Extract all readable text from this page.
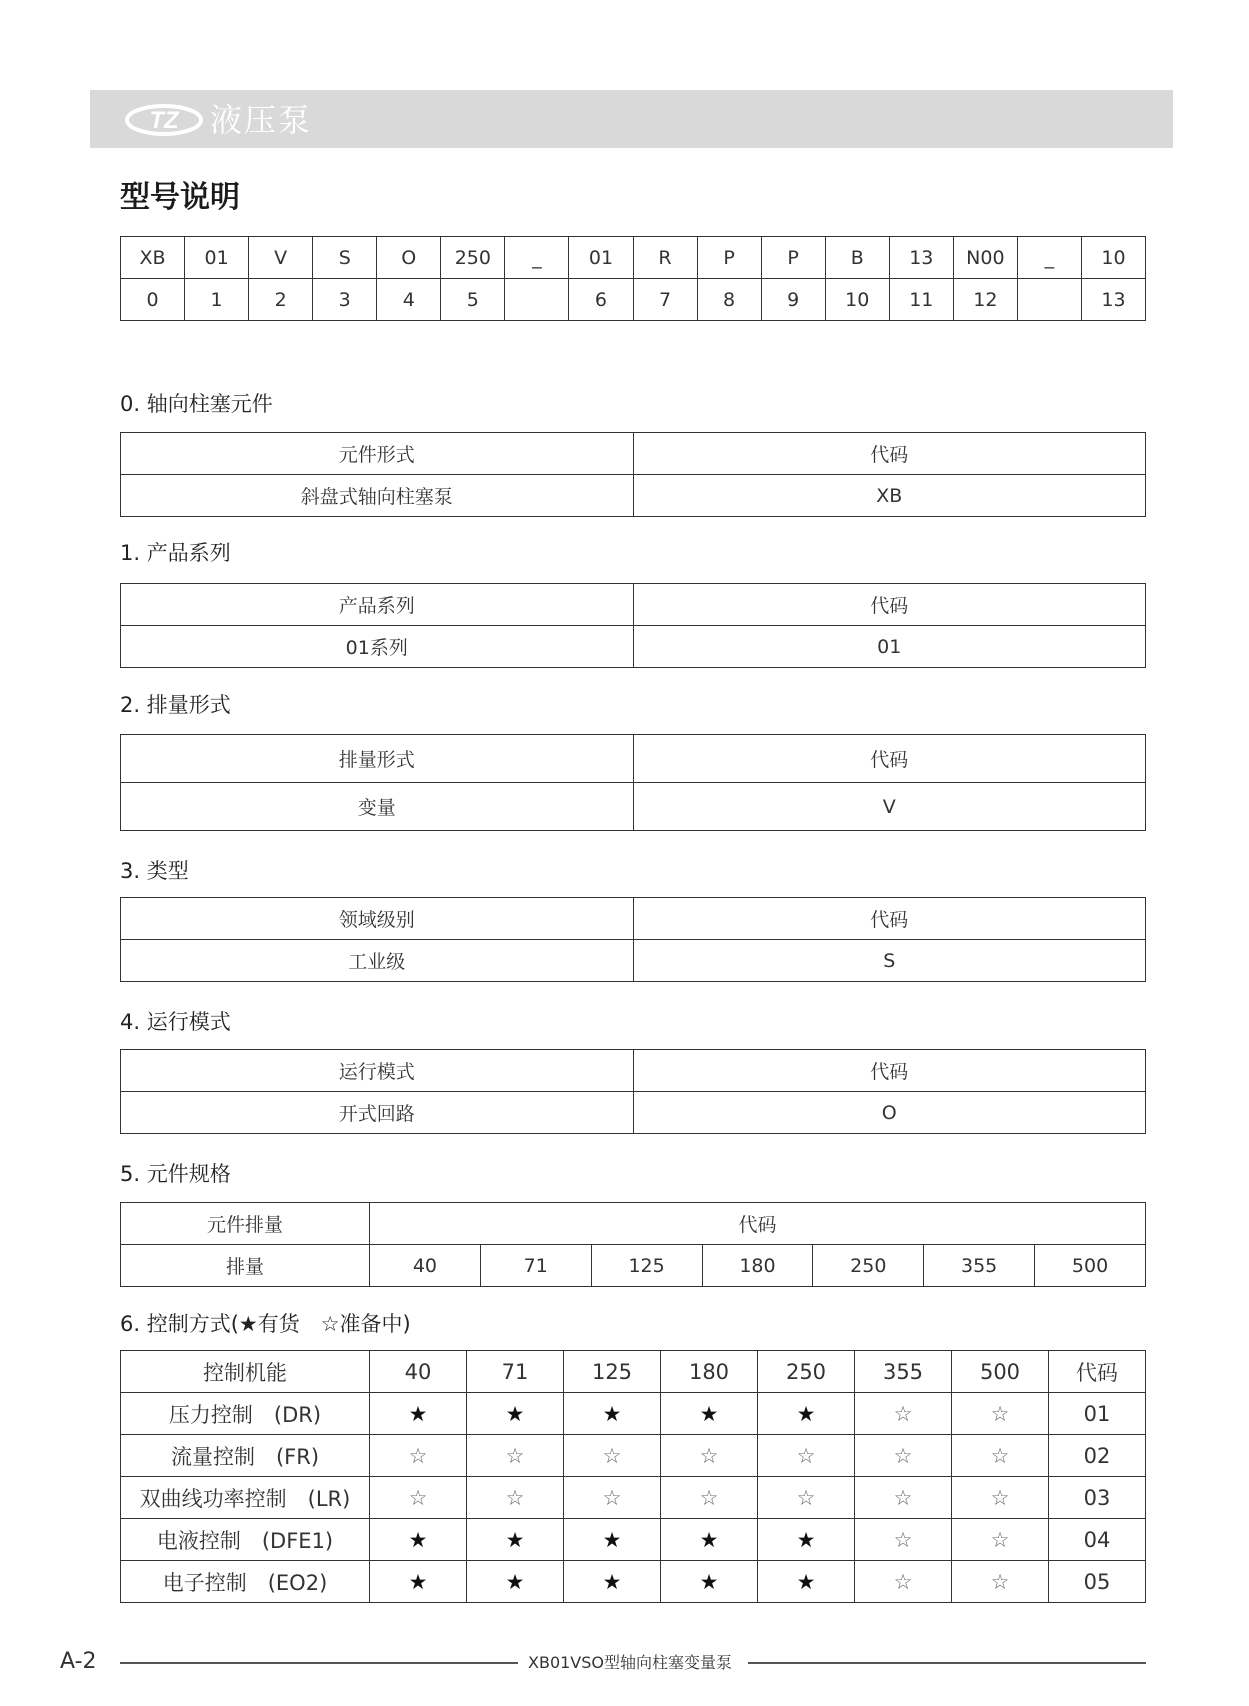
TZ 液压泵
型号说明
XB	01	V	S	O	250	_	01	R	P	P	B	13	N00	_	10
0	1	2	3	4	5		6	7	8	9	10	11	12		13
0. 轴向柱塞元件
元件形式	代码
斜盘式轴向柱塞泵	XB
1. 产品系列
产品系列	代码
01系列	01
2. 排量形式
排量形式	代码
变量	V
3. 类型
领域级别	代码
工业级	S
4. 运行模式
运行模式	代码
开式回路	O
5. 元件规格
元件排量	代码						
排量	40	71	125	180	250	355	500
6. 控制方式(★有货　☆准备中)
控制机能	40	71	125	180	250	355	500	代码
压力控制　(DR)	★	★	★	★	★	☆	☆	01
流量控制　(FR)	☆	☆	☆	☆	☆	☆	☆	02
双曲线功率控制　(LR)	☆	☆	☆	☆	☆	☆	☆	03
电液控制　(DFE1)	★	★	★	★	★	☆	☆	04
电子控制　(EO2)	★	★	★	★	★	☆	☆	05
A-2	XB01VSO型轴向柱塞变量泵
